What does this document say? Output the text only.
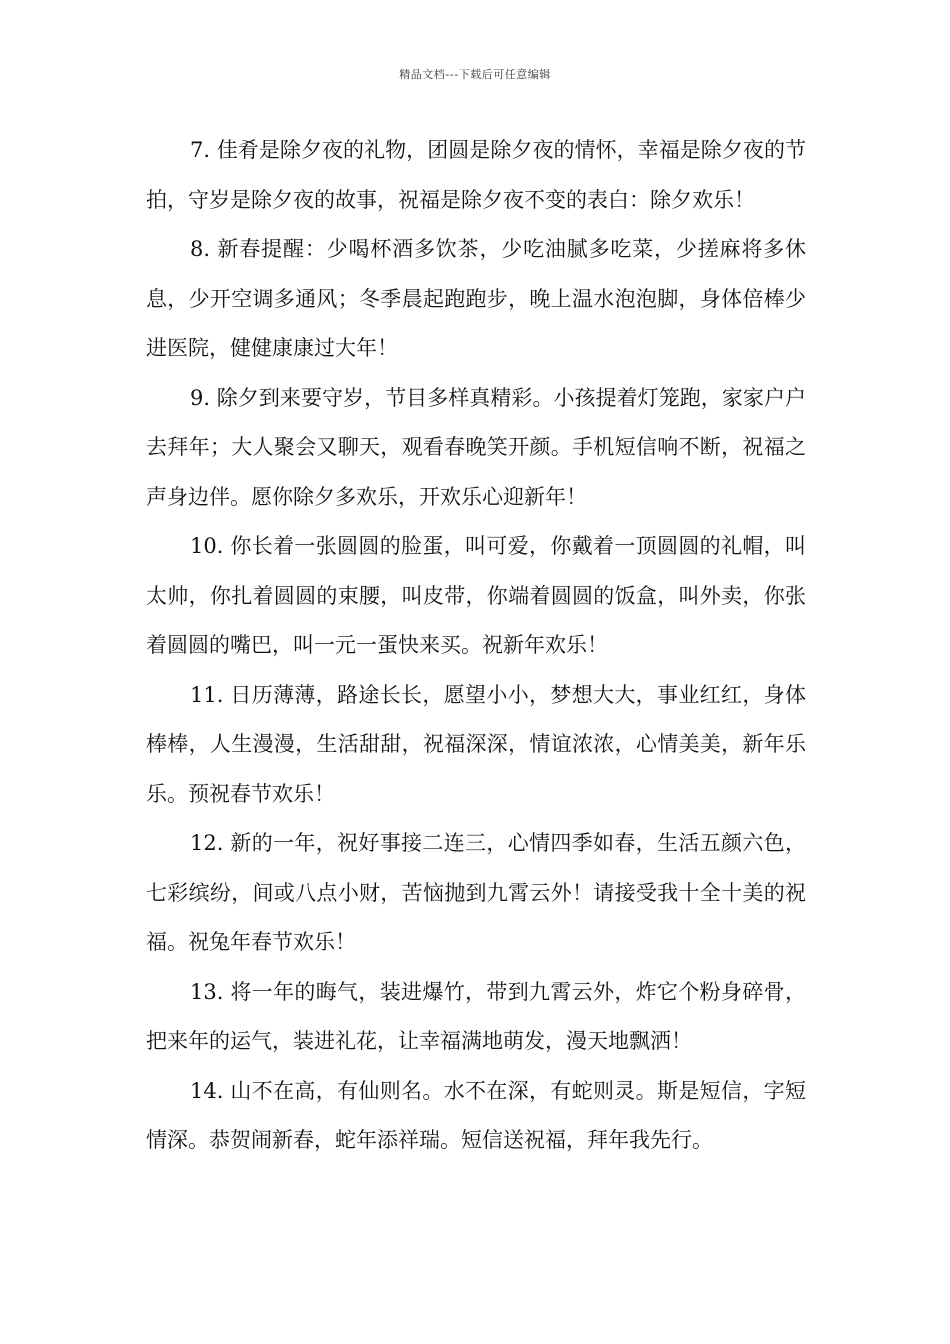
精品文档---下载后可任意编辑

7. 佳肴是除夕夜的礼物，团圆是除夕夜的情怀，幸福是除夕夜的节拍，守岁是除夕夜的故事，祝福是除夕夜不变的表白：除夕欢乐！

8. 新春提醒：少喝杯酒多饮茶，少吃油腻多吃菜，少搓麻将多休息，少开空调多通风；冬季晨起跑跑步，晚上温水泡泡脚，身体倍棒少进医院，健健康康过大年！

9. 除夕到来要守岁，节目多样真精彩。小孩提着灯笼跑，家家户户去拜年；大人聚会又聊天，观看春晚笑开颜。手机短信响不断，祝福之声身边伴。愿你除夕多欢乐，开欢乐心迎新年！

10. 你长着一张圆圆的脸蛋，叫可爱，你戴着一顶圆圆的礼帽，叫太帅，你扎着圆圆的束腰，叫皮带，你端着圆圆的饭盒，叫外卖，你张着圆圆的嘴巴，叫一元一蛋快来买。祝新年欢乐！

11. 日历薄薄，路途长长，愿望小小，梦想大大，事业红红，身体棒棒，人生漫漫，生活甜甜，祝福深深，情谊浓浓，心情美美，新年乐乐。预祝春节欢乐！

12. 新的一年，祝好事接二连三，心情四季如春，生活五颜六色，七彩缤纷，间或八点小财，苦恼抛到九霄云外！请接受我十全十美的祝福。祝兔年春节欢乐！

13. 将一年的晦气，装进爆竹，带到九霄云外，炸它个粉身碎骨，把来年的运气，装进礼花，让幸福满地萌发，漫天地飘洒！

14. 山不在高，有仙则名。水不在深，有蛇则灵。斯是短信，字短情深。恭贺闹新春，蛇年添祥瑞。短信送祝福，拜年我先行。
